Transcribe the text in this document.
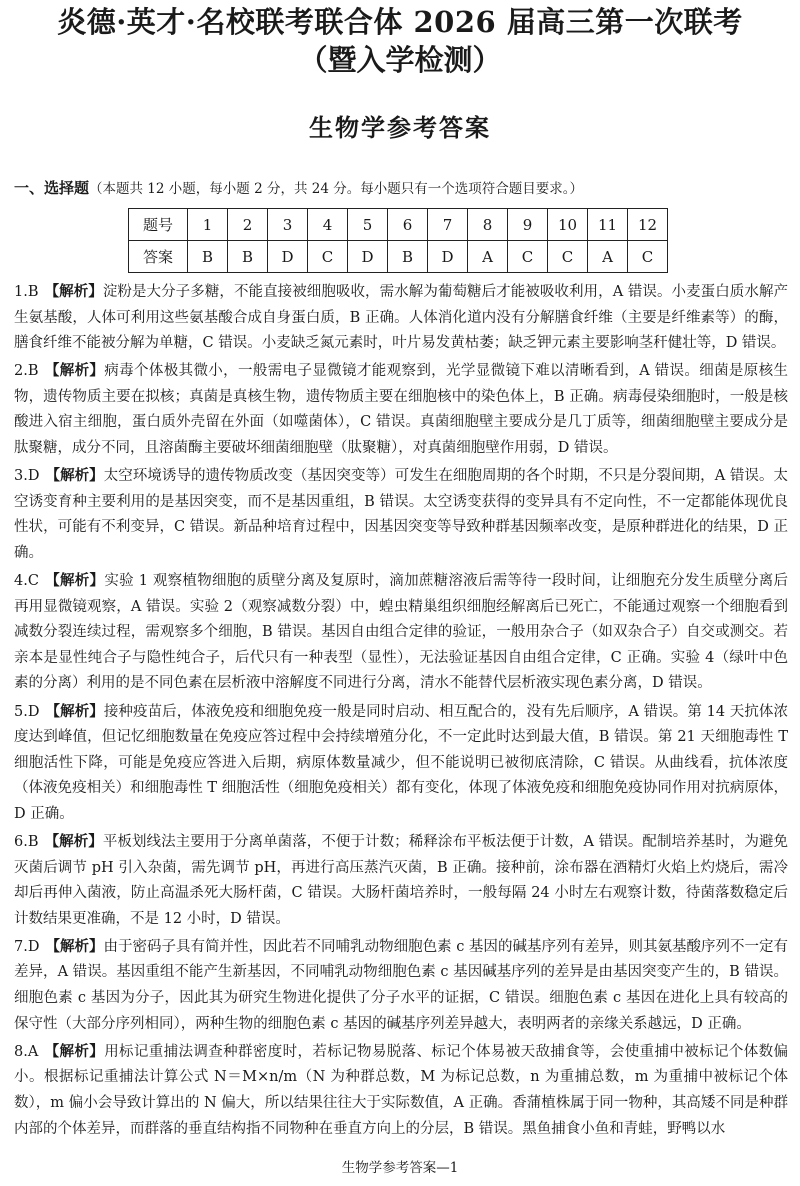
炎德·英才·名校联考联合体 2026 届高三第一次联考
（暨入学检测）
生物学参考答案
一、选择题（本题共 12 小题，每小题 2 分，共 24 分。每小题只有一个选项符合题目要求。）
题号	1	2	3	4	5	6	7	8	9	10	11	12
答案	B	B	D	C	D	B	D	A	C	C	A	C

1.B 【解析】淀粉是大分子多糖，不能直接被细胞吸收，需水解为葡萄糖后才能被吸收利用，A 错误。小麦蛋白质水解产生氨基酸，人体可利用这些氨基酸合成自身蛋白质，B 正确。人体消化道内没有分解膳食纤维（主要是纤维素等）的酶，膳食纤维不能被分解为单糖，C 错误。小麦缺乏氮元素时，叶片易发黄枯萎；缺乏钾元素主要影响茎秆健壮等，D 错误。

2.B 【解析】病毒个体极其微小，一般需电子显微镜才能观察到，光学显微镜下难以清晰看到，A 错误。细菌是原核生物，遗传物质主要在拟核；真菌是真核生物，遗传物质主要在细胞核中的染色体上，B 正确。病毒侵染细胞时，一般是核酸进入宿主细胞，蛋白质外壳留在外面（如噬菌体），C 错误。真菌细胞壁主要成分是几丁质等，细菌细胞壁主要成分是肽聚糖，成分不同，且溶菌酶主要破坏细菌细胞壁（肽聚糖），对真菌细胞壁作用弱，D 错误。

3.D 【解析】太空环境诱导的遗传物质改变（基因突变等）可发生在细胞周期的各个时期，不只是分裂间期，A 错误。太空诱变育种主要利用的是基因突变，而不是基因重组，B 错误。太空诱变获得的变异具有不定向性，不一定都能体现优良性状，可能有不利变异，C 错误。新品种培育过程中，因基因突变等导致种群基因频率改变，是原种群进化的结果，D 正确。

4.C 【解析】实验 1 观察植物细胞的质壁分离及复原时，滴加蔗糖溶液后需等待一段时间，让细胞充分发生质壁分离后再用显微镜观察，A 错误。实验 2（观察减数分裂）中，蝗虫精巢组织细胞经解离后已死亡，不能通过观察一个细胞看到减数分裂连续过程，需观察多个细胞，B 错误。基因自由组合定律的验证，一般用杂合子（如双杂合子）自交或测交。若亲本是显性纯合子与隐性纯合子，后代只有一种表型（显性），无法验证基因自由组合定律，C 正确。实验 4（绿叶中色素的分离）利用的是不同色素在层析液中溶解度不同进行分离，清水不能替代层析液实现色素分离，D 错误。

5.D 【解析】接种疫苗后，体液免疫和细胞免疫一般是同时启动、相互配合的，没有先后顺序，A 错误。第 14 天抗体浓度达到峰值，但记忆细胞数量在免疫应答过程中会持续增殖分化，不一定此时达到最大值，B 错误。第 21 天细胞毒性 T 细胞活性下降，可能是免疫应答进入后期，病原体数量减少，但不能说明已被彻底清除，C 错误。从曲线看，抗体浓度（体液免疫相关）和细胞毒性 T 细胞活性（细胞免疫相关）都有变化，体现了体液免疫和细胞免疫协同作用对抗病原体，D 正确。

6.B 【解析】平板划线法主要用于分离单菌落，不便于计数；稀释涂布平板法便于计数，A 错误。配制培养基时，为避免灭菌后调节 pH 引入杂菌，需先调节 pH，再进行高压蒸汽灭菌，B 正确。接种前，涂布器在酒精灯火焰上灼烧后，需冷却后再伸入菌液，防止高温杀死大肠杆菌，C 错误。大肠杆菌培养时，一般每隔 24 小时左右观察计数，待菌落数稳定后计数结果更准确，不是 12 小时，D 错误。

7.D 【解析】由于密码子具有简并性，因此若不同哺乳动物细胞色素 c 基因的碱基序列有差异，则其氨基酸序列不一定有差异，A 错误。基因重组不能产生新基因，不同哺乳动物细胞色素 c 基因碱基序列的差异是由基因突变产生的，B 错误。细胞色素 c 基因为分子，因此其为研究生物进化提供了分子水平的证据，C 错误。细胞色素 c 基因在进化上具有较高的保守性（大部分序列相同），两种生物的细胞色素 c 基因的碱基序列差异越大，表明两者的亲缘关系越远，D 正确。

8.A 【解析】用标记重捕法调查种群密度时，若标记物易脱落、标记个体易被天敌捕食等，会使重捕中被标记个体数偏小。根据标记重捕法计算公式 N＝M×n/m（N 为种群总数，M 为标记总数，n 为重捕总数，m 为重捕中被标记个体数），m 偏小会导致计算出的 N 偏大，所以结果往往大于实际数值，A 正确。香蒲植株属于同一物种，其高矮不同是种群内部的个体差异，而群落的垂直结构指不同物种在垂直方向上的分层，B 错误。黑鱼捕食小鱼和青蛙，野鸭以水

生物学参考答案—1
